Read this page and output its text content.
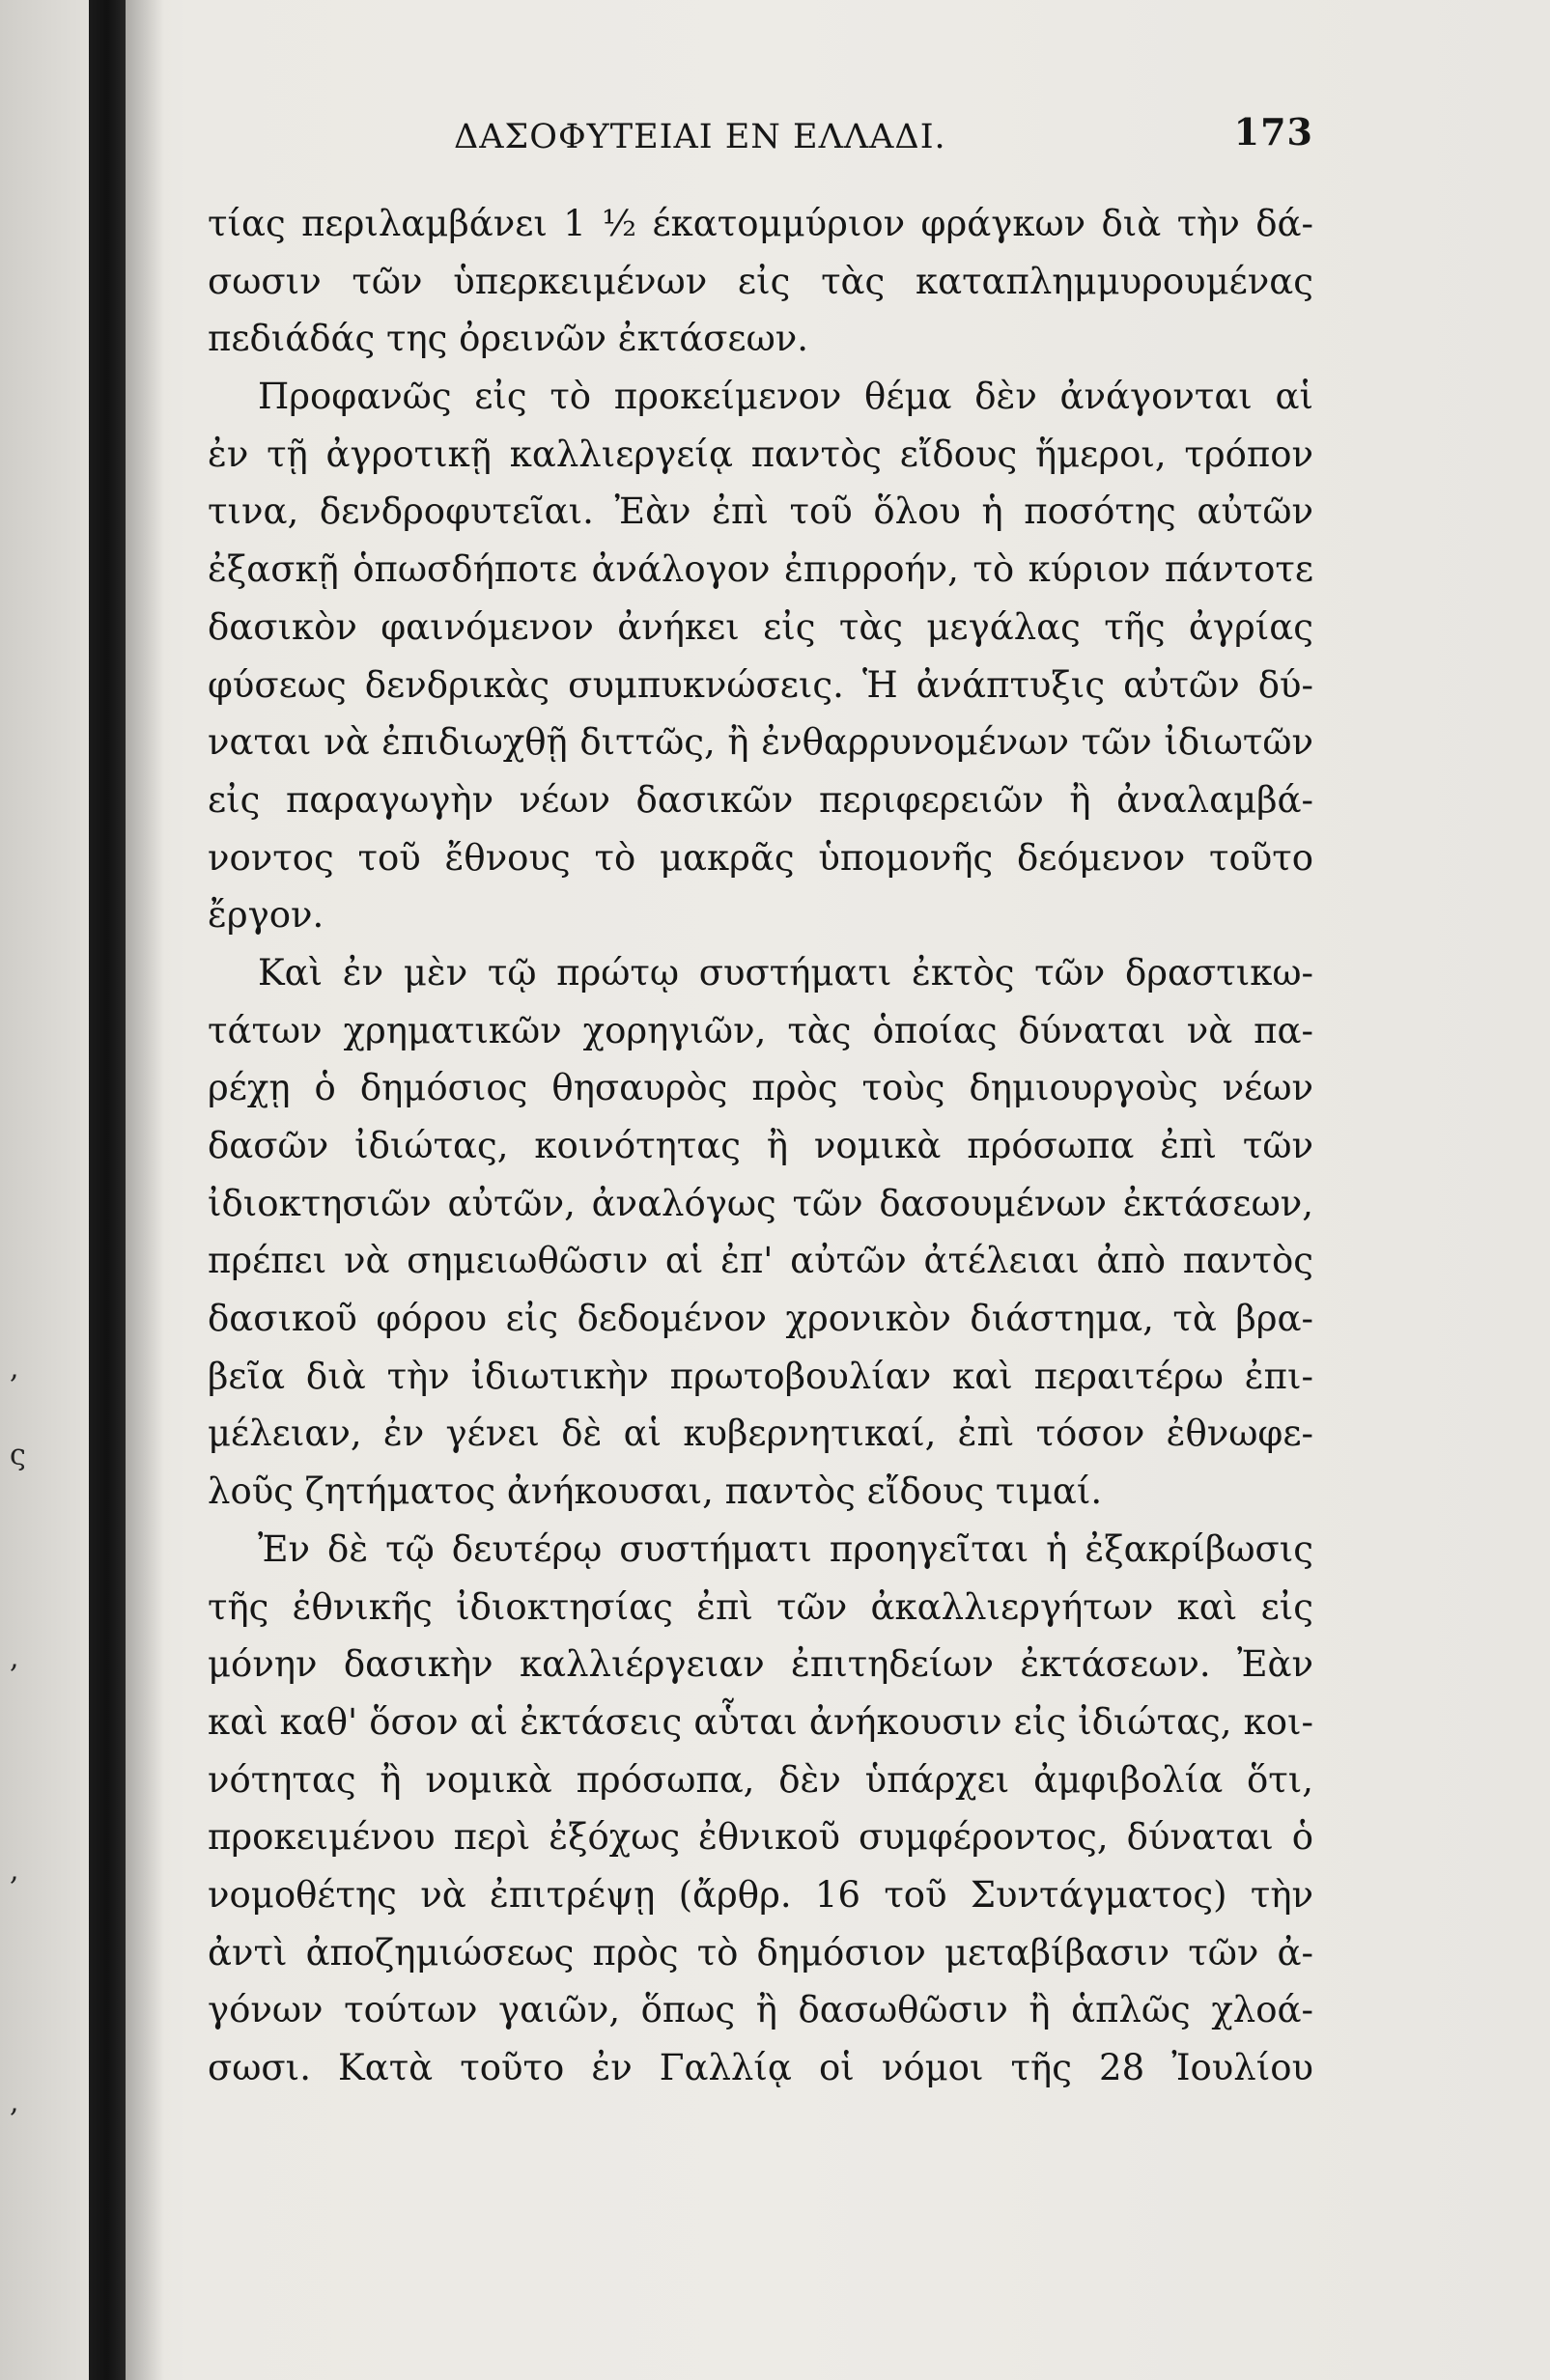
,
ς
,
,
,
ΔΑΣΟΦΥΤΕΙΑΙ ΕΝ ΕΛΛΑΔΙ.	173
τίας περιλαμβάνει 1 ½ έκατομμύριον φράγκων διὰ τὴν δά-
σωσιν τῶν ὑπερκειμένων εἰς τὰς καταπλημμυρουμένας
πεδιάδάς της ὀρεινῶν ἐκτάσεων.
Προφανῶς εἰς τὸ προκείμενον θέμα δὲν ἀνάγονται αἱ
ἐν τῇ ἀγροτικῇ καλλιεργείᾳ παντὸς εἴδους ἥμεροι, τρόπον
τινα, δενδροφυτεῖαι. Ἐὰν ἐπὶ τοῦ ὅλου ἡ ποσότης αὐτῶν
ἐξασκῇ ὁπωσδήποτε ἀνάλογον ἐπιρροήν, τὸ κύριον πάντοτε
δασικὸν φαινόμενον ἀνήκει εἰς τὰς μεγάλας τῆς ἀγρίας
φύσεως δενδρικὰς συμπυκνώσεις. Ἡ ἀνάπτυξις αὐτῶν δύ-
ναται νὰ ἐπιδιωχθῇ διττῶς, ἢ ἐνθαρρυνομένων τῶν ἰδιωτῶν
εἰς παραγωγὴν νέων δασικῶν περιφερειῶν ἢ ἀναλαμβά-
νοντος τοῦ ἔθνους τὸ μακρᾶς ὑπομονῆς δεόμενον τοῦτο
ἔργον.
Καὶ ἐν μὲν τῷ πρώτῳ συστήματι ἐκτὸς τῶν δραστικω-
τάτων χρηματικῶν χορηγιῶν, τὰς ὁποίας δύναται νὰ πα-
ρέχῃ ὁ δημόσιος θησαυρὸς πρὸς τοὺς δημιουργοὺς νέων
δασῶν ἰδιώτας, κοινότητας ἢ νομικὰ πρόσωπα ἐπὶ τῶν
ἰδιοκτησιῶν αὐτῶν, ἀναλόγως τῶν δασουμένων ἐκτάσεων,
πρέπει νὰ σημειωθῶσιν αἱ ἐπ' αὐτῶν ἀτέλειαι ἀπὸ παντὸς
δασικοῦ φόρου εἰς δεδομένον χρονικὸν διάστημα, τὰ βρα-
βεῖα διὰ τὴν ἰδιωτικὴν πρωτοβουλίαν καὶ περαιτέρω ἐπι-
μέλειαν, ἐν γένει δὲ αἱ κυβερνητικαί, ἐπὶ τόσον ἐθνωφε-
λοῦς ζητήματος ἀνήκουσαι, παντὸς εἴδους τιμαί.
Ἐν δὲ τῷ δευτέρῳ συστήματι προηγεῖται ἡ ἐξακρίβωσις
τῆς ἐθνικῆς ἰδιοκτησίας ἐπὶ τῶν ἀκαλλιεργήτων καὶ εἰς
μόνην δασικὴν καλλιέργειαν ἐπιτηδείων ἐκτάσεων. Ἐὰν
καὶ καθ' ὅσον αἱ ἐκτάσεις αὗται ἀνήκουσιν εἰς ἰδιώτας, κοι-
νότητας ἢ νομικὰ πρόσωπα, δὲν ὑπάρχει ἀμφιβολία ὅτι,
προκειμένου περὶ ἐξόχως ἐθνικοῦ συμφέροντος, δύναται ὁ
νομοθέτης νὰ ἐπιτρέψῃ (ἄρθρ. 16 τοῦ Συντάγματος) τὴν
ἀντὶ ἀποζημιώσεως πρὸς τὸ δημόσιον μεταβίβασιν τῶν ἀ-
γόνων τούτων γαιῶν, ὅπως ἢ δασωθῶσιν ἢ ἁπλῶς χλοά-
σωσι. Κατὰ τοῦτο ἐν Γαλλίᾳ οἱ νόμοι τῆς 28 Ἰουλίου
